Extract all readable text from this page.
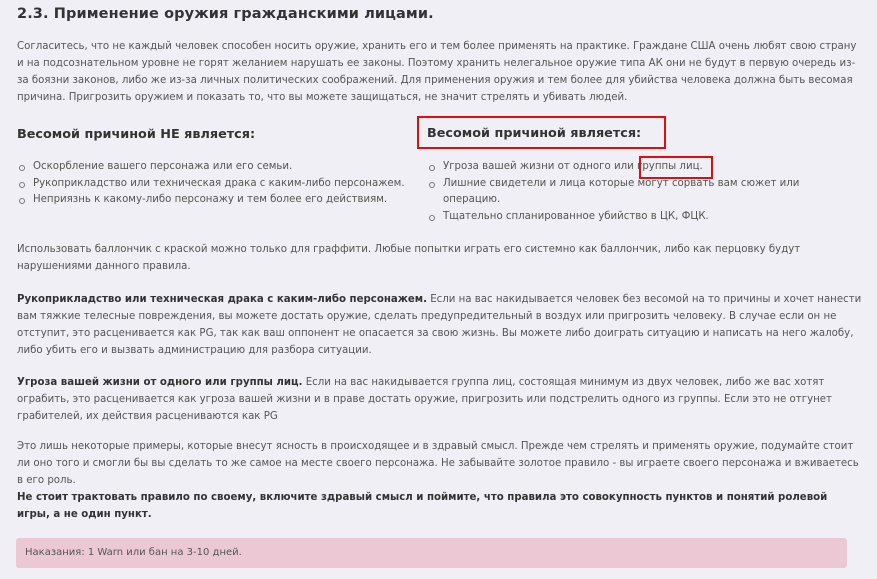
2.3. Применение оружия гражданскими лицами.

Согласитесь, что не каждый человек способен носить оружие, хранить его и тем более применять на практике. Граждане США очень любят свою страну и на подсознательном уровне не горят желанием нарушать ее законы. Поэтому хранить нелегальное оружие типа АК они не будут в первую очередь из-за боязни законов, либо же из-за личных политических соображений. Для применения оружия и тем более для убийства человека должна быть весомая причина. Пригрозить оружием и показать то, что вы можете защищаться, не значит стрелять и убивать людей.

Весомой причиной НЕ является:
Оскорбление вашего персонажа или его семьи.
Рукоприкладство или техническая драка с каким-либо персонажем.
Неприязнь к какому-либо персонажу и тем более его действиям.
Весомой причиной является:
Угроза вашей жизни от одного или группы лиц.
Лишние свидетели и лица которые могут сорвать вам сюжет или операцию.
Тщательно спланированное убийство в ЦК, ФЦК.

Использовать баллончик с краской можно только для граффити. Любые попытки играть его системно как баллончик, либо как перцовку будут нарушениями данного правила.

Рукоприкладство или техническая драка с каким-либо персонажем. Если на вас накидывается человек без весомой на то причины и хочет нанести вам тяжкие телесные повреждения, вы можете достать оружие, сделать предупредительный в воздух или пригрозить человеку. В случае если он не отступит, это расценивается как PG, так как ваш оппонент не опасается за свою жизнь. Вы можете либо доиграть ситуацию и написать на него жалобу, либо убить его и вызвать администрацию для разбора ситуации.

Угроза вашей жизни от одного или группы лиц. Если на вас накидывается группа лиц, состоящая минимум из двух человек, либо же вас хотят ограбить, это расценивается как угроза вашей жизни и в праве достать оружие, пригрозить или подстрелить одного из группы. Если это не отгунет грабителей, их действия расцениваются как PG

Это лишь некоторые примеры, которые внесут ясность в происходящее и в здравый смысл. Прежде чем стрелять и применять оружие, подумайте стоит ли оно того и смогли бы вы сделать то же самое на месте своего персонажа. Не забывайте золотое правило - вы играете своего персонажа и вживаетесь в его роль.
Не стоит трактовать правило по своему, включите здравый смысл и поймите, что правила это совокупность пунктов и понятий ролевой игры, а не один пункт.

Наказания: 1 Warn или бан на 3-10 дней.
